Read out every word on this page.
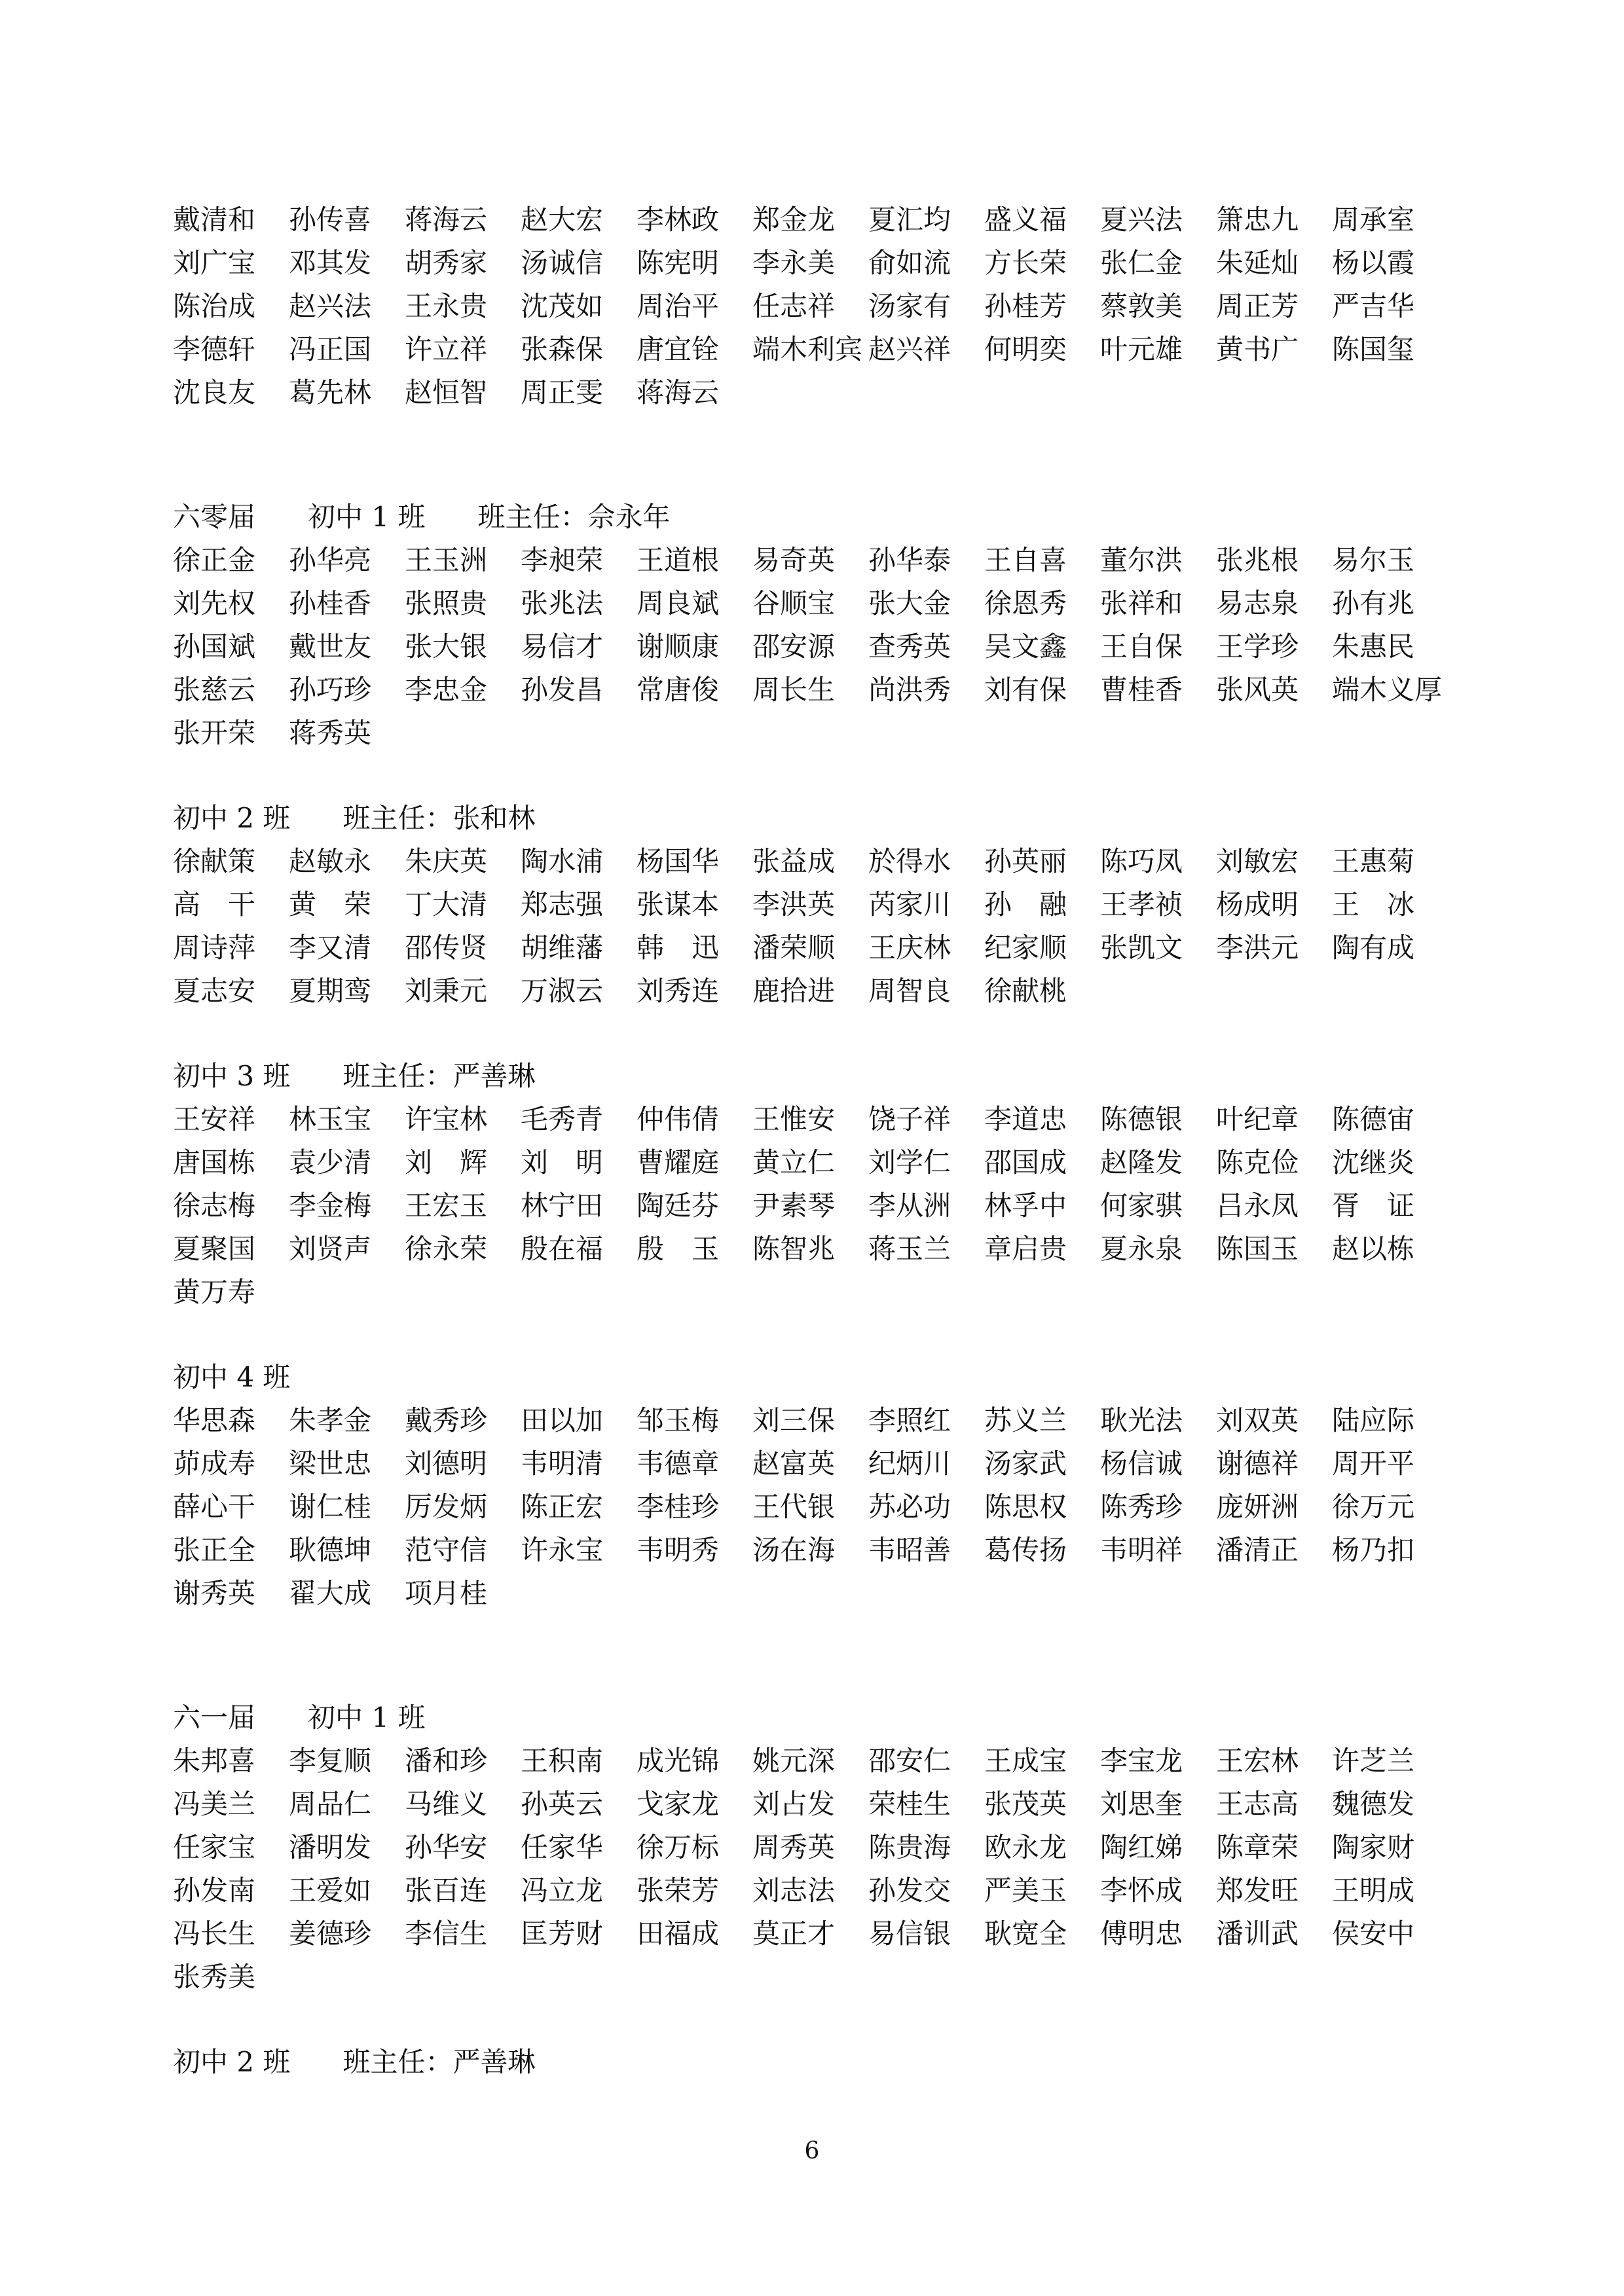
戴清和	孙传喜	蒋海云	赵大宏	李林政	郑金龙	夏汇均	盛义福	夏兴法	箫忠九	周承室
刘广宝	邓其发	胡秀家	汤诚信	陈宪明	李永美	俞如流	方长荣	张仁金	朱延灿	杨以霞
陈治成	赵兴法	王永贵	沈茂如	周治平	任志祥	汤家有	孙桂芳	蔡敦美	周正芳	严吉华
李德轩	冯正国	许立祥	张森保	唐宜铨	端木利宾 赵兴祥	何明奕	叶元雄	黄书广	陈国玺
沈良友	葛先林	赵恒智	周正雯	蒋海云
六零届 初中 1 班 班主任：佘永年
徐正金	孙华亮	王玉洲	李昶荣	王道根	易奇英	孙华泰	王自喜	董尔洪	张兆根	易尔玉
刘先权	孙桂香	张照贵	张兆法	周良斌	谷顺宝	张大金	徐恩秀	张祥和	易志泉	孙有兆
孙国斌	戴世友	张大银	易信才	谢顺康	邵安源	查秀英	吴文鑫	王自保	王学珍	朱惠民
张慈云	孙巧珍	李忠金	孙发昌	常唐俊	周长生	尚洪秀	刘有保	曹桂香	张风英	端木义厚
张开荣	蒋秀英
初中 2 班 班主任：张和林
徐献策	赵敏永	朱庆英	陶水浦	杨国华	张益成	於得水	孙英丽	陈巧凤	刘敏宏	王惠菊
高　干	黄　荣	丁大清	郑志强	张谋本	李洪英	芮家川	孙　融	王孝祯	杨成明	王　冰
周诗萍	李又清	邵传贤	胡维藩	韩　迅	潘荣顺	王庆林	纪家顺	张凯文	李洪元	陶有成
夏志安	夏期鸾	刘秉元	万淑云	刘秀连	鹿拾进	周智良	徐献桃
初中 3 班 班主任：严善琳
王安祥	林玉宝	许宝林	毛秀青	仲伟倩	王惟安	饶子祥	李道忠	陈德银	叶纪章	陈德宙
唐国栋	袁少清	刘　辉	刘　明	曹耀庭	黄立仁	刘学仁	邵国成	赵隆发	陈克俭	沈继炎
徐志梅	李金梅	王宏玉	林宁田	陶廷芬	尹素琴	李从洲	林孚中	何家骐	吕永凤	胥　证
夏聚国	刘贤声	徐永荣	殷在福	殷　玉	陈智兆	蒋玉兰	章启贵	夏永泉	陈国玉	赵以栋
黄万寿
初中 4 班
华思森	朱孝金	戴秀珍	田以加	邹玉梅	刘三保	李照红	苏义兰	耿光法	刘双英	陆应际
茆成寿	梁世忠	刘德明	韦明清	韦德章	赵富英	纪炳川	汤家武	杨信诚	谢德祥	周开平
薛心干	谢仁桂	厉发炳	陈正宏	李桂珍	王代银	苏必功	陈思权	陈秀珍	庞妍洲	徐万元
张正全	耿德坤	范守信	许永宝	韦明秀	汤在海	韦昭善	葛传扬	韦明祥	潘清正	杨乃扣
谢秀英	翟大成	项月桂
六一届 初中 1 班
朱邦喜	李复顺	潘和珍	王积南	成光锦	姚元深	邵安仁	王成宝	李宝龙	王宏林	许芝兰
冯美兰	周品仁	马维义	孙英云	戈家龙	刘占发	荣桂生	张茂英	刘思奎	王志高	魏德发
任家宝	潘明发	孙华安	任家华	徐万标	周秀英	陈贵海	欧永龙	陶红娣	陈章荣	陶家财
孙发南	王爱如	张百连	冯立龙	张荣芳	刘志法	孙发交	严美玉	李怀成	郑发旺	王明成
冯长生	姜德珍	李信生	匡芳财	田福成	莫正才	易信银	耿宽全	傅明忠	潘训武	侯安中
张秀美
初中 2 班 班主任：严善琳
6
